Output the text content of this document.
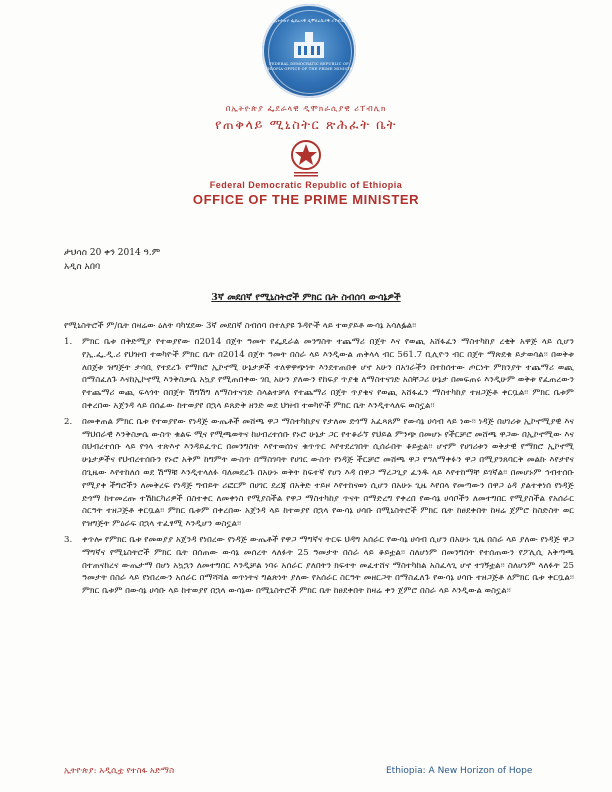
በኢትዮጵያ ፌደራላዊ ዲሞክራሲያዊ ሪፐብሊክ
FEDERAL DEMOCRATIC REPUBLIC OF ETHIOPIA OFFICE OF THE PRIME MINISTER
በኢትዮጵያ ፌደራላዊ ዲሞክራሲያዊ ሪፐብሊክ
የጠቅላይ ሚኒስትር ጽሕፈት ቤት
Federal Democratic Republic of Ethiopia
OFFICE OF THE PRIME MINISTER
ታህሳስ 20 ቀን 2014 ዓ.ም
አዲስ አበባ
3ኛ መደበኛ የሚኒስትሮች ምክር ቤት ስብሰባ ውሳኔዎች
የሚኒስትሮች ም/ቤት በዛሬው ዕለት ባካሄደው 3ኛ መደበኛ ስብሰባ በተለያዩ ጉዳዮች ላይ ተወያይቶ ውሳኔ አሳለፏል፡፡
1. ምክር ቤቱ በቅድሚያ የተወያየው በ2014 በጀት ዓመት የፌዴራል መንግስት ተጨማሪ በጀት እና የወጪ አሸፋፈን ማስተካከያ ረቂቅ አዋጅ ላይ ሲሆን የኢ.ፌ.ዲ.ሪ የህዝብ ተወካዮች ምክር ቤት በ2014 በጀት ዓመት በስራ ላይ እንዲውል ጠቅላላ ብር 561.7 ቢሊዮን ብር በጀት ማጽደቁ ይታወሳል፡፡ በወቅቱ ለበጀቱ ዝግጅት ታሳቢ የተደረጉ የማክሮ ኢኮኖሚ ሁኔታዎች ተለዋዋጭነት እንደተጠበቀ ሆኖ አሁን በአገራችን በተከሰተው ጦርነት ምክንያት ተጨማሪ ወጪ በማስፈለጉ እናከኢኮኖሚ እንቅስቃሴ አኳያ የሚጠበቀው ገቢ አሁን ያለውን የከፍያ ጥያቄ ለማስተናገድ አስቸጋሪ ሁኔታ በመፍጠሩ እንዲሁም ወቅቱ የፈጠረውን የተጨማሪ ወጪ ፍላጎት በበጀት ሽግሽግ ለማስተናገድ ስላልተቻለ የተጨማሪ በጀት ጥያቄና የወጪ አሸፋፈን ማስተካከያ ተዘጋጅቶ ቀርቧል፡፡ ምክር ቤቱም በቀረበው አጀንዳ ላይ በሰፊው ከተወያየ በኋላ ይጸድቅ ዘንድ ወደ ህዝብ ተወካዮች ምክር ቤት እንዲተላለፍ ወስኗል፡፡
2. በመቀጠል ምክር ቤቱ የተወያየው የነዳጅ ውጤቶች መሸጫ ዋጋ ማስተካከያና የታለመ ድጎማ አፈጻጸም የውሳኔ ሀሳብ ላይ ነው፡፡ ነዳጅ በሀገሪቱ ኢኮኖሚያዊ እና ማህበራዊ እንቅስቃሴ ውስጥ ቁልፍ ሚና የሚጫወትና ከሀብረተሰቡ የኑሮ ሁኔታ ጋር የተቆራኘ የህይል ምንጭ በመሆኑ የችርቻሮ መሸጫ ዋጋው በኢኮኖሚው እና በህብረተሰቡ ላይ የጎላ ተጽእኖ እንዳይፈጥር በመንግስት እየተወሰነና ቁጥጥር እየተደረገበት ሲሰራበት ቆይቷል፡፡ ሆኖም የሀገሪቱን ወቅታዊ የማክሮ ኢኮኖሚ ሁኔታዎችና የህብረተሰቡን የኑሮ አቅም ከግምት ውስጥ በማስገባት የሀገር ውስጥ የነዳጅ ችርቻሮ መሸጫ ዋጋ የዓለማቀፉን ዋጋ በሚያንጸባርቅ መልኩ እየታየና በጊዜው እየተከለሰ ወደ ሽማቹ እንዲተላለፉ ባለመደረጉ በአሁኑ ወቅት ከፍተኛ የሆነ እዳ በዋጋ ማረጋጊያ ፈንዱ ላይ እየተከማቸ ይገኛል፡፡ በመሆኑም ኅብተሰቡ የሚያቀ ችግሮችን ለመቅረፍ የነዳጅ ግብይት ሪፎርም በሀገር ደረጃ በአቅድ ተይዞ እየተከናወነ ሲሆን በአሁኑ ጊዜ እየበላ የመጣውን በዋጋ ዕዳ ያልተቀነሰ የነዳጅ ድጎማ ከተመረጡ ተሽከርካሪዎች በስተቀር ለመቀነስ የሚያስችል የዋጋ ማስተካከያ ጥናት በማድረግ የቀረበ የውሳኔ ሀሳቦችን ለመተግበር የሚያስችል የአሰራር ስርዓት ተዘጋጅቶ ቀርቧል፡፡ ምክር ቤቱም በቀረበው አጀንዳ ላይ ከተወያየ በኋላ የውሳኔ ሀሳቡ በሚኒስትሮች ምክር ቤት ከፀደቀበት ከዛሬ ጀምሮ ከስድስት ወር የዝግጅት ምዕራፍ በኋላ ተፈፃሚ እንዲሆን ወስኗል፡፡
3. ቀጥሎ የምክር ቤቱ የመወያያ አጀንዳ የነበረው የነዳጅ ውጤቶች የዋጋ ማግኛና ትርፍ ህዳግ አሰራር የውሳኔ ሀሳብ ሲሆን በአሁኑ ጊዜ በስራ ላይ ያለው የነዳጅ ዋጋ ማግኛና የሚኒስትሮች ምክር ቤት በሰጠው ውሳኔ መሰረት ላለፉት 25 ዓመታት በስራ ላይ ቆይቷል፡፡ ስለሆነም በመንግስት የተሰጠውን የፖሊሲ አቅጣጫ በተጠናከረና ውጤታማ በሆነ አኳኋን ለመተግበር እንዲቻል ነባሩ አሰራር ያለበትን ክፍተት መፈተሸና ማስተካከል አስፈላጊ ሆኖ ተገኝቷል፡፡ ስለሆነም ላለፉት 25 ዓመታት በስራ ላይ የነበረውን አሰራር በማሻሻል ወጥነትና ግልጽነት ያለው የአሰራር ስርዓት መዘርጋት በማስፈለጉ የውሳኔ ሀሳቡ ተዘጋጅቶ ለምክር ቤቱ ቀርቧል፡፡ ምክር ቤቱም በውሳኔ ሀሳቡ ላይ ከተወያየ በኋላ ውሳኔው በሚኒስትሮች ምክር ቤት ከፀደቀበት ከዛሬ ቀን ጀምሮ በስራ ላይ እንዲውል ወስኗል፡፡
ኢትዮጵያ: አዲሲቷ የተስፋ አድማስ	Ethiopia: A New Horizon of Hope
